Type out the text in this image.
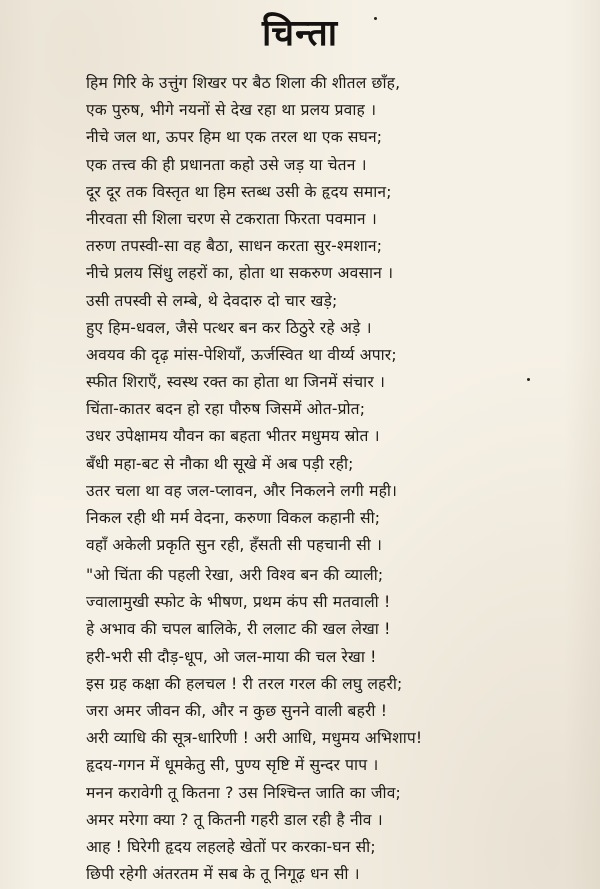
चिन्ता
हिम गिरि के उत्तुंग शिखर पर बैठ शिला की शीतल छाँह,
एक पुरुष, भीगे नयनों से देख रहा था प्रलय प्रवाह ।
नीचे जल था, ऊपर हिम था एक तरल था एक सघन;
एक तत्त्व की ही प्रधानता कहो उसे जड़ या चेतन ।
दूर दूर तक विस्तृत था हिम स्तब्ध उसी के हृदय समान;
नीरवता सी शिला चरण से टकराता फिरता पवमान ।
तरुण तपस्वी-सा वह बैठा, साधन करता सुर-श्मशान;
नीचे प्रलय सिंधु लहरों का, होता था सकरुण अवसान ।
उसी तपस्वी से लम्बे, थे देवदारु दो चार खड़े;
हुए हिम-धवल, जैसे पत्थर बन कर ठिठुरे रहे अड़े ।
अवयव की दृढ़ मांस-पेशियाँ, ऊर्जस्वित था वीर्य्य अपार;
स्फीत शिराएँ, स्वस्थ रक्त का होता था जिनमें संचार ।
चिंता-कातर बदन हो रहा पौरुष जिसमें ओत-प्रोत;
उधर उपेक्षामय यौवन का बहता भीतर मधुमय स्रोत ।
बँधी महा-बट से नौका थी सूखे में अब पड़ी रही;
उतर चला था वह जल-प्लावन, और निकलने लगी मही।
निकल रही थी मर्म वेदना, करुणा विकल कहानी सी;
वहाँ अकेली प्रकृति सुन रही, हँसती सी पहचानी सी ।
"ओ चिंता की पहली रेखा, अरी विश्व बन की व्याली;
ज्वालामुखी स्फोट के भीषण, प्रथम कंप सी मतवाली !
हे अभाव की चपल बालिके, री ललाट की खल लेखा !
हरी-भरी सी दौड़-धूप, ओ जल-माया की चल रेखा !
इस ग्रह कक्षा की हलचल ! री तरल गरल की लघु लहरी;
जरा अमर जीवन की, और न कुछ सुनने वाली बहरी !
अरी व्याधि की सूत्र-धारिणी ! अरी आधि, मधुमय अभिशाप!
हृदय-गगन में धूमकेतु सी, पुण्य सृष्टि में सुन्दर पाप ।
मनन करावेगी तू कितना ? उस निश्चिन्त जाति का जीव;
अमर मरेगा क्या ? तू कितनी गहरी डाल रही है नीव ।
आह ! घिरेगी हृदय लहलहे खेतों पर करका-घन सी;
छिपी रहेगी अंतरतम में सब के तू निगूढ़ धन सी ।
